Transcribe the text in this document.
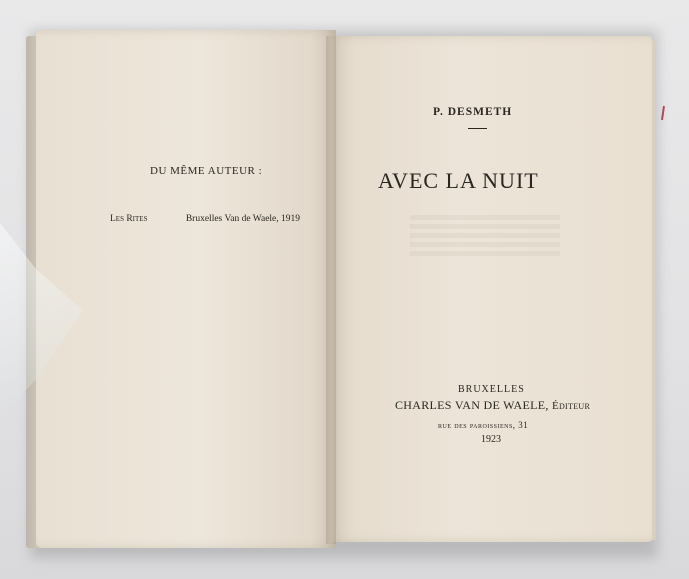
DU MÊME AUTEUR :
Les Rites	Bruxelles Van de Waele, 1919
P. DESMETH
AVEC LA NUIT
BRUXELLES
CHARLES VAN DE WAELE, Éditeur
rue des paroissiens, 31
1923
